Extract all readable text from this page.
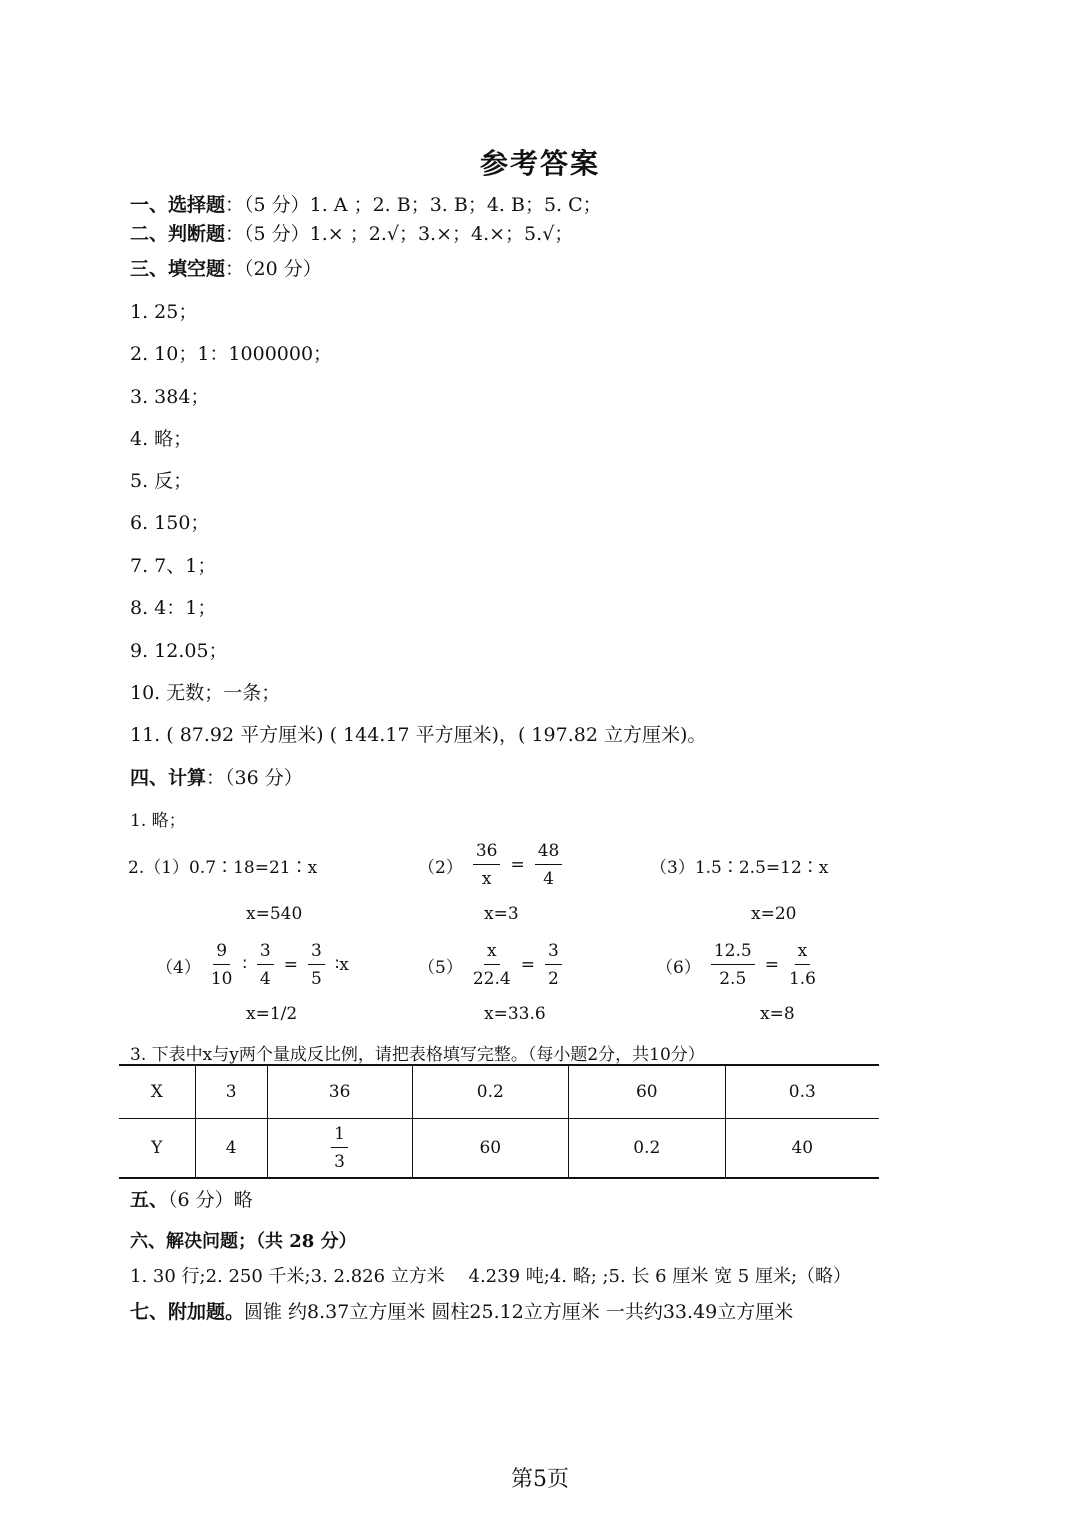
参考答案
一、选择题：（5 分）1. A ；2. B；3. B；4. B；5. C；
二、判断题：（5 分）1.× ；2.√；3.×；4.×；5.√；
三、填空题：（20 分）
1. 25；
2. 10；1：1000000；
3. 384；
4. 略；
5. 反；
6. 150；
7. 7、1；
8. 4：1；
9. 12.05；
10. 无数；一条；
11. ( 87.92 平方厘米) ( 144.17 平方厘米)，( 197.82 立方厘米)。
四、计算：（36 分）
1. 略；
2.（1）0.7∶18=21∶x
x=540
$(2) \frac{36}{x} = \frac{48}{4}$
x=3
（3）1.5∶2.5=12∶x
x=20
$(4) \frac{9}{10}$ ∶ $\frac{3}{4} = \frac{3}{5}$ ∶x
x=1/2
$(5) \frac{x}{22.4} = \frac{3}{2}$
x=33.6
$(6) \frac{12.5}{2.5} = \frac{x}{1.6}$
x=8
3. 下表中x与y两个量成反比例，请把表格填写完整。（每小题2分，共10分）
X	3	36	0.2	60	0.3
Y	4	$\frac{1}{3}$	60	0.2	40
五、（6 分）略
六、解决问题；（共 28 分）
1. 30 行;2. 250 千米;3. 2.826 立方米　 4.239 吨;4. 略; ;5. 长 6 厘米 宽 5 厘米;（略）
七、附加题。圆锥 约8.37立方厘米 圆柱25.12立方厘米 一共约33.49立方厘米
第5页
